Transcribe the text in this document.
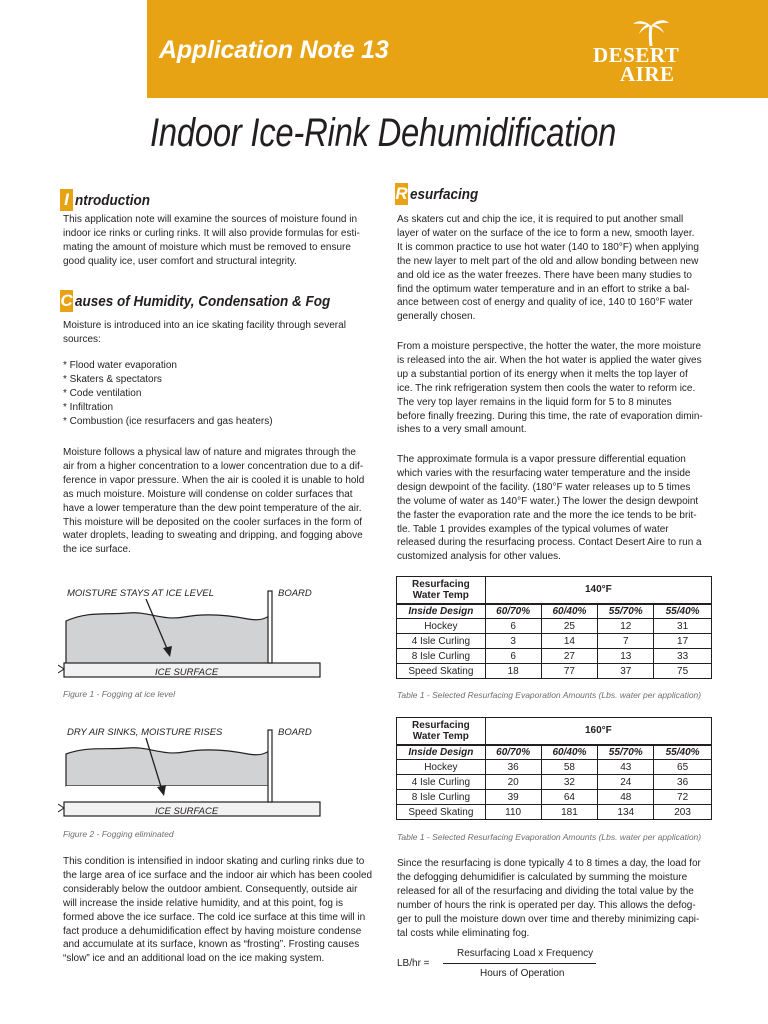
Application Note 13	DESERT
AIRE
Indoor Ice-Rink Dehumidification
I ntroduction
This application note will examine the sources of moisture found in
indoor ice rinks or curling rinks. It will also provide formulas for esti-
mating the amount of moisture which must be removed to ensure
good quality ice, user comfort and structural integrity.
C auses of Humidity, Condensation & Fog
Moisture is introduced into an ice skating facility through several
sources:
* Flood water evaporation
* Skaters & spectators
* Code ventilation
* Infiltration
* Combustion (ice resurfacers and gas heaters)
Moisture follows a physical law of nature and migrates through the
air from a higher concentration to a lower concentration due to a dif-
ference in vapor pressure. When the air is cooled it is unable to hold
as much moisture. Moisture will condense on colder surfaces that
have a lower temperature than the dew point temperature of the air.
This moisture will be deposited on the cooler surfaces in the form of
water droplets, leading to sweating and dripping, and fogging above
the ice surface.
MOISTURE STAYS AT ICE LEVEL	BOARD
ICE SURFACE
Figure 1 - Fogging at ice level
DRY AIR SINKS, MOISTURE RISES	BOARD
ICE SURFACE
Figure 2 - Fogging eliminated
This condition is intensified in indoor skating and curling rinks due to
the large area of ice surface and the indoor air which has been cooled
considerably below the outdoor ambient. Consequently, outside air
will increase the inside relative humidity, and at this point, fog is
formed above the ice surface. The cold ice surface at this time will in
fact produce a dehumidification effect by having moisture condense
and accumulate at its surface, known as “frosting”. Frosting causes
“slow” ice and an additional load on the ice making system.
R esurfacing
As skaters cut and chip the ice, it is required to put another small
layer of water on the surface of the ice to form a new, smooth layer.
It is common practice to use hot water (140 to 180°F) when applying
the new layer to melt part of the old and allow bonding between new
and old ice as the water freezes. There have been many studies to
find the optimum water temperature and in an effort to strike a bal-
ance between cost of energy and quality of ice, 140 t0 160°F water
generally chosen.
From a moisture perspective, the hotter the water, the more moisture
is released into the air. When the hot water is applied the water gives
up a substantial portion of its energy when it melts the top layer of
ice. The rink refrigeration system then cools the water to reform ice.
The very top layer remains in the liquid form for 5 to 8 minutes
before finally freezing. During this time, the rate of evaporation dimin-
ishes to a very small amount.
The approximate formula is a vapor pressure differential equation
which varies with the resurfacing water temperature and the inside
design dewpoint of the facility. (180°F water releases up to 5 times
the volume of water as 140°F water.) The lower the design dewpoint
the faster the evaporation rate and the more the ice tends to be brit-
tle. Table 1 provides examples of the typical volumes of water
released during the resurfacing process. Contact Desert Aire to run a
customized analysis for other values.
Resurfacing
Water Temp	140°F			
Inside Design	60/70%	60/40%	55/70%	55/40%
Hockey	6	25	12	31
4 Isle Curling	3	14	7	17
8 Isle Curling	6	27	13	33
Speed Skating	18	77	37	75
Table 1 - Selected Resurfacing Evaporation Amounts (Lbs. water per application)
Resurfacing
Water Temp	160°F			
Inside Design	60/70%	60/40%	55/70%	55/40%
Hockey	36	58	43	65
4 Isle Curling	20	32	24	36
8 Isle Curling	39	64	48	72
Speed Skating	110	181	134	203
Table 1 - Selected Resurfacing Evaporation Amounts (Lbs. water per application)
Since the resurfacing is done typically 4 to 8 times a day, the load for
the defogging dehumidifier is calculated by summing the moisture
released for all of the resurfacing and dividing the total value by the
number of hours the rink is operated per day. This allows the defog-
ger to pull the moisture down over time and thereby minimizing capi-
tal costs while eliminating fog.
LB/hr =
Resurfacing Load x Frequency
Hours of Operation
